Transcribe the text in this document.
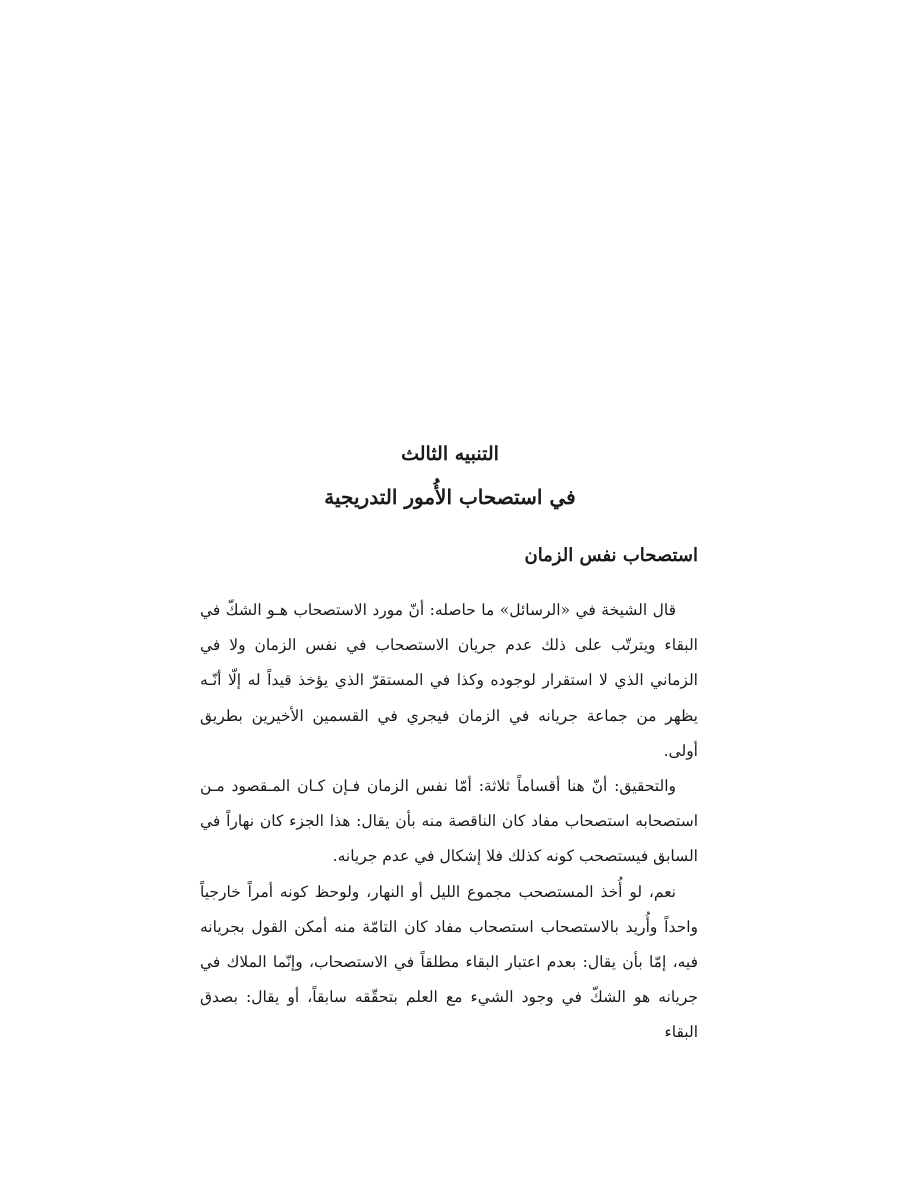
التنبيه الثالث
في استصحاب الأُمور التدريجية
استصحاب نفس الزمان

قال الشيخة في «الرسائل» ما حاصله: أنّ مورد الاستصحاب هـو الشكّ في البقاء ويترتّب على ذلك عدم جريان الاستصحاب في نفس الزمان ولا في الزماني الذي لا استقرار لوجوده وكذا في المستقرّ الذي يؤخذ قيداً له إلّا أنّـه يظهر من جماعة جريانه في الزمان فيجري في القسمين الأخيرين بطريق أولى.

والتحقيق: أنّ هنا أقساماً ثلاثة: أمّا نفس الزمان فـإن كـان المـقصود مـن استصحابه استصحاب مفاد كان الناقصة منه بأن يقال: هذا الجزء كان نهاراً في السابق فيستصحب كونه كذلك فلا إشكال في عدم جريانه.

نعم، لو أُخذ المستصحب مجموع الليل أو النهار، ولوحظ كونه أمراً خارجياً واحداً وأُريد بالاستصحاب استصحاب مفاد كان التامّة منه أمكن القول بجريانه فيه، إمّا بأن يقال: بعدم اعتبار البقاء مطلقاً في الاستصحاب، وإنّما الملاك في جريانه هو الشكّ في وجود الشيء مع العلم بتحقّقه سابقاً، أو يقال: بصدق البقاء
